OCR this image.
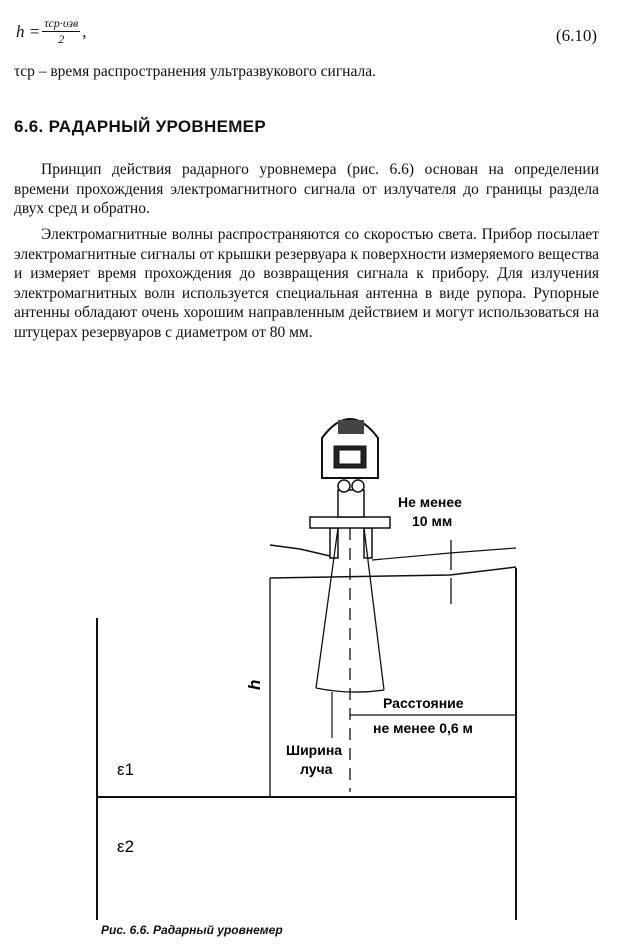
$h = \frac{\text{τcp·υзв}}{2}$ ,	(6.10)
τcp – время распространения ультразвукового сигнала.
6.6. РАДАРНЫЙ УРОВНЕМЕР

Принцип действия радарного уровнемера (рис. 6.6) основан на определении времени прохождения электромагнитного сигнала от излучателя до границы раздела двух сред и обратно.

Электромагнитные волны распространяются со скоростью света. Прибор посылает электромагнитные сигналы от крышки резервуара к поверхности измеряемого вещества и измеряет время прохождения до возвращения сигнала к прибору. Для излучения электромагнитных волн используется специальная антенна в виде рупора. Рупорные антенны обладают очень хорошим направленным действием и могут использоваться на штуцерах резервуаров с диаметром от 80 мм.

h
Не менее
10 мм
Расстояние
не менее 0,6 м
Ширина
луча
ε1
ε2
Рис. 6.6. Радарный уровнемер
